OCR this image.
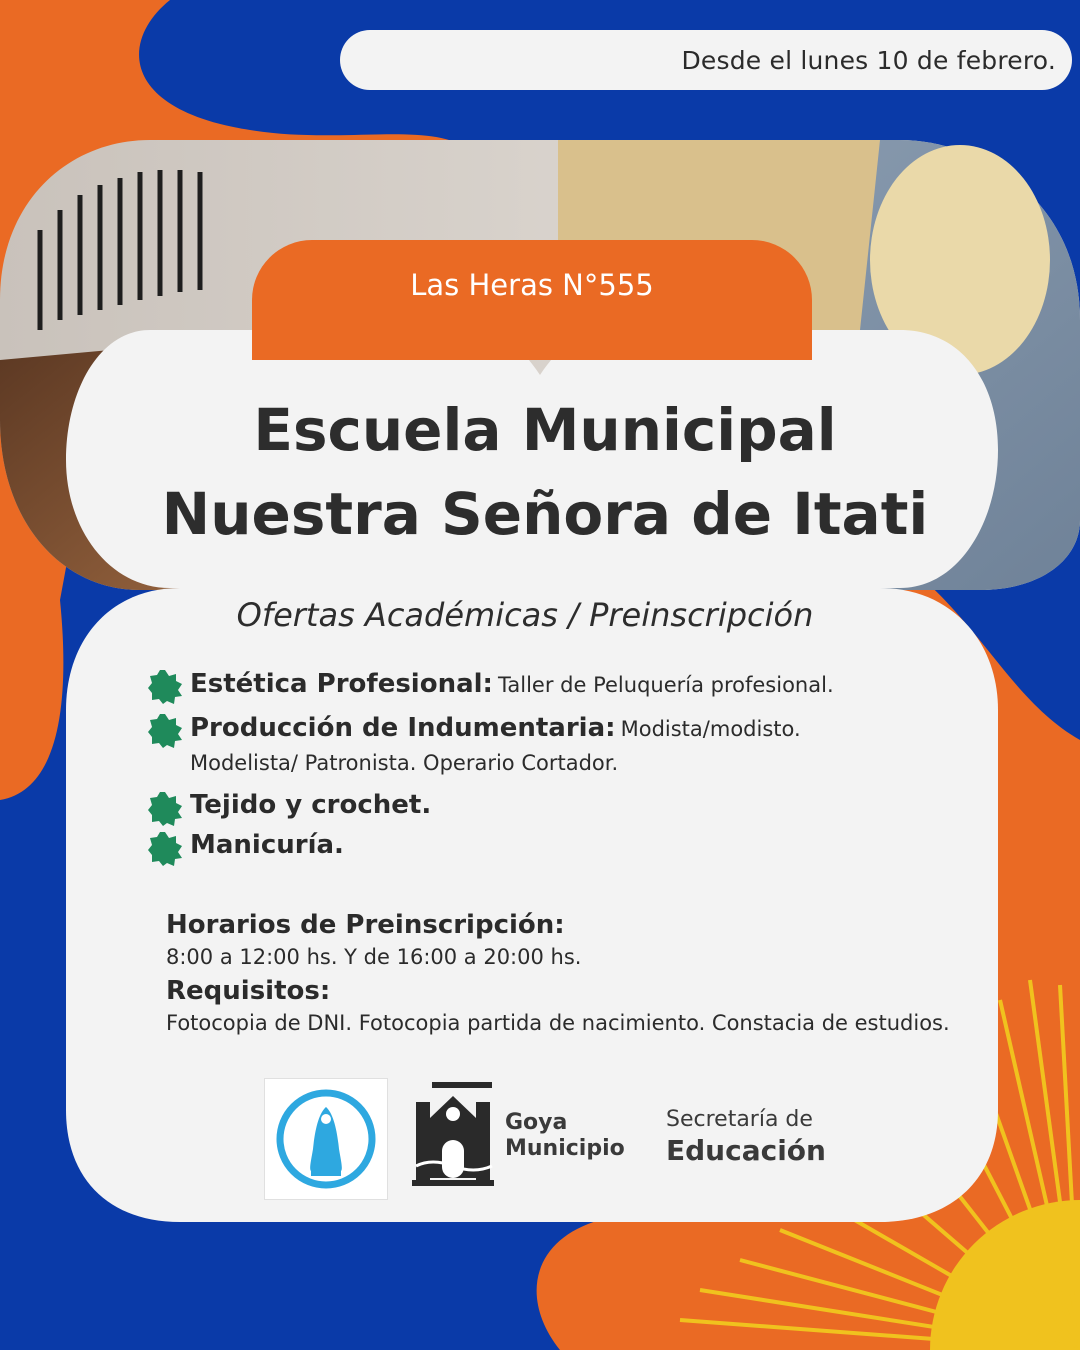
Desde el lunes 10 de febrero.
Las Heras N°555
Escuela Municipal
Nuestra Señora de Itati
Ofertas Académicas / Preinscripción
Estética Profesional: Taller de Peluquería profesional.
Producción de Indumentaria: Modista/modisto.
Modelista/ Patronista. Operario Cortador.
Tejido y crochet.
Manicuría.
Horarios de Preinscripción:
8:00 a 12:00 hs. Y de 16:00 a 20:00 hs.
Requisitos:
Fotocopia de DNI. Fotocopia partida de nacimiento. Constacia de estudios.
Goya
Municipio
Secretaría de
Educación
